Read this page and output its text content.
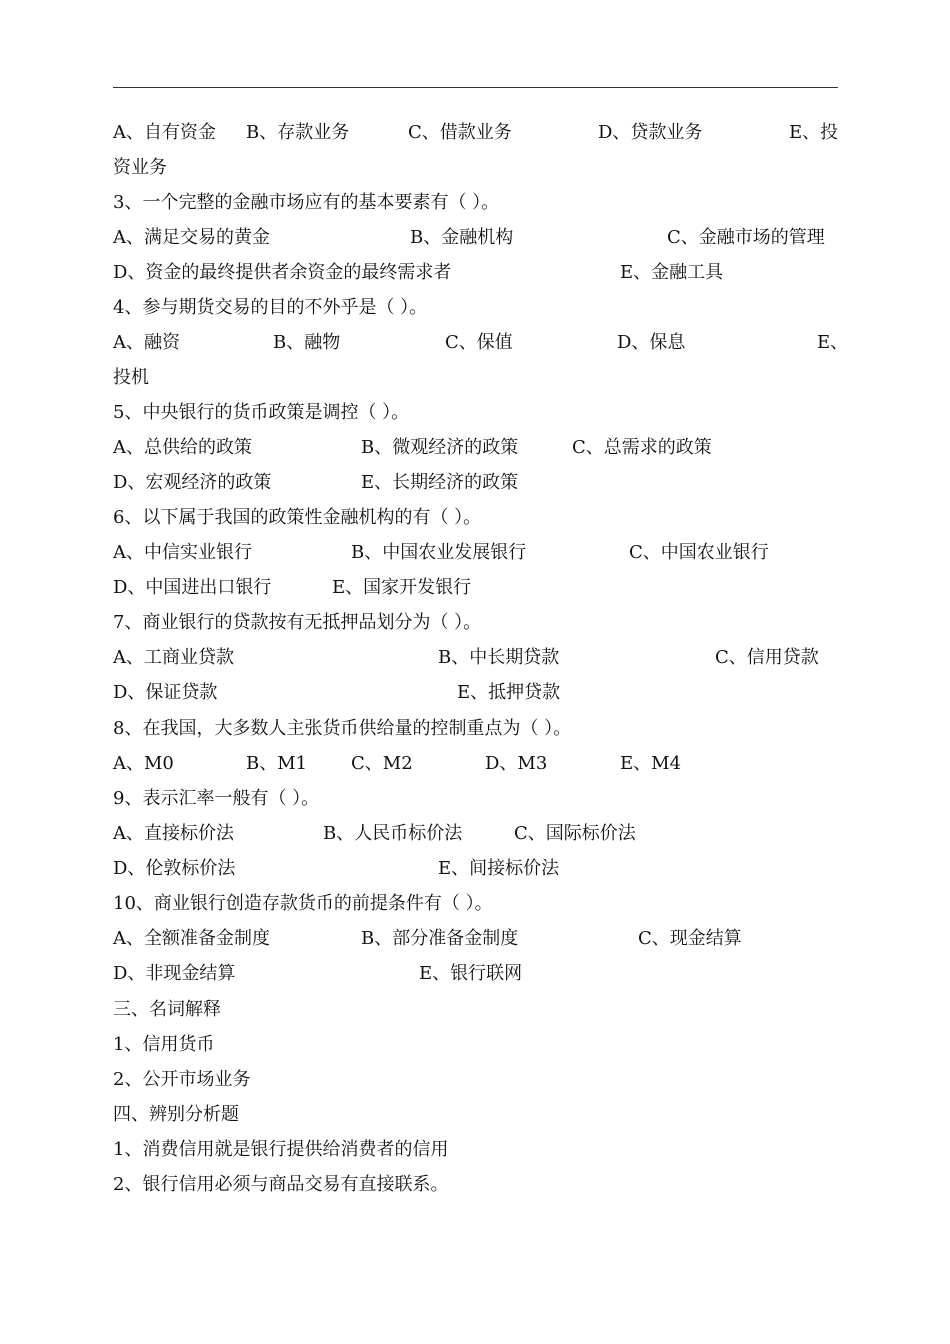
A、自有资金 B、存款业务	C、借款业务	D、贷款业务	E、投
资业务
3、一个完整的金融市场应有的基本要素有（ ）。
A、满足交易的黄金	B、金融机构	C、金融市场的管理
D、资金的最终提供者余资金的最终需求者	E、金融工具
4、参与期货交易的目的不外乎是（ ）。
A、融资	B、融物	C、保值	D、保息	E、
投机
5、中央银行的货币政策是调控（ ）。
A、总供给的政策	B、微观经济的政策	C、总需求的政策
D、宏观经济的政策	E、长期经济的政策
6、以下属于我国的政策性金融机构的有（ ）。
A、中信实业银行	B、中国农业发展银行	C、中国农业银行
D、中国进出口银行	E、国家开发银行
7、商业银行的贷款按有无抵押品划分为（ ）。
A、工商业贷款	B、中长期贷款	C、信用贷款
D、保证贷款	E、抵押贷款
8、在我国，大多数人主张货币供给量的控制重点为（ ）。
A、M0	B、M1 C、M2	D、M3	E、M4
9、表示汇率一般有（ ）。
A、直接标价法	B、人民币标价法	C、国际标价法
D、伦敦标价法	E、间接标价法
10、商业银行创造存款货币的前提条件有（ ）。
A、全额准备金制度	B、部分准备金制度	C、现金结算
D、非现金结算	E、银行联网
三、名词解释
1、信用货币
2、公开市场业务
四、辨别分析题
1、消费信用就是银行提供给消费者的信用
2、银行信用必须与商品交易有直接联系。
